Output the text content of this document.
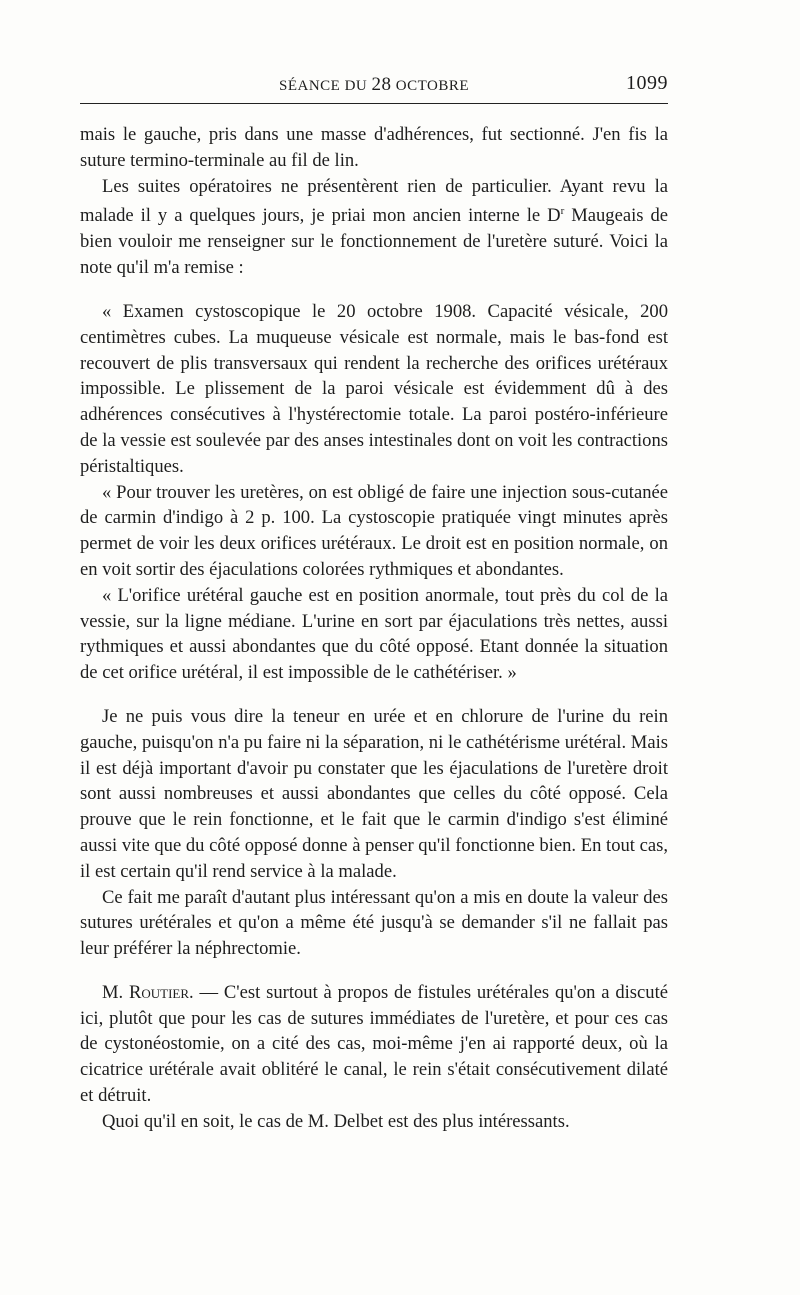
SÉANCE DU 28 OCTOBRE	1099

mais le gauche, pris dans une masse d'adhérences, fut sectionné. J'en fis la suture termino-terminale au fil de lin.

Les suites opératoires ne présentèrent rien de particulier. Ayant revu la malade il y a quelques jours, je priai mon ancien interne le $D^r$ Maugeais de bien vouloir me renseigner sur le fonctionnement de l'uretère suturé. Voici la note qu'il m'a remise :

« Examen cystoscopique le 20 octobre 1908. Capacité vésicale, 200 centimètres cubes. La muqueuse vésicale est normale, mais le bas-fond est recouvert de plis transversaux qui rendent la recherche des orifices urétéraux impossible. Le plissement de la paroi vésicale est évidemment dû à des adhérences consécutives à l'hystérectomie totale. La paroi postéro-inférieure de la vessie est soulevée par des anses intestinales dont on voit les contractions péristaltiques.

« Pour trouver les uretères, on est obligé de faire une injection sous-cutanée de carmin d'indigo à 2 p. 100. La cystoscopie pratiquée vingt minutes après permet de voir les deux orifices urétéraux. Le droit est en position normale, on en voit sortir des éjaculations colorées rythmiques et abondantes.

« L'orifice urétéral gauche est en position anormale, tout près du col de la vessie, sur la ligne médiane. L'urine en sort par éjaculations très nettes, aussi rythmiques et aussi abondantes que du côté opposé. Etant donnée la situation de cet orifice urétéral, il est impossible de le cathétériser. »

Je ne puis vous dire la teneur en urée et en chlorure de l'urine du rein gauche, puisqu'on n'a pu faire ni la séparation, ni le cathétérisme urétéral. Mais il est déjà important d'avoir pu constater que les éjaculations de l'uretère droit sont aussi nombreuses et aussi abondantes que celles du côté opposé. Cela prouve que le rein fonctionne, et le fait que le carmin d'indigo s'est éliminé aussi vite que du côté opposé donne à penser qu'il fonctionne bien. En tout cas, il est certain qu'il rend service à la malade.

Ce fait me paraît d'autant plus intéressant qu'on a mis en doute la valeur des sutures urétérales et qu'on a même été jusqu'à se demander s'il ne fallait pas leur préférer la néphrectomie.

M. Routier. — C'est surtout à propos de fistules urétérales qu'on a discuté ici, plutôt que pour les cas de sutures immédiates de l'uretère, et pour ces cas de cystonéostomie, on a cité des cas, moi-même j'en ai rapporté deux, où la cicatrice urétérale avait oblitéré le canal, le rein s'était consécutivement dilaté et détruit.

Quoi qu'il en soit, le cas de M. Delbet est des plus intéressants.
